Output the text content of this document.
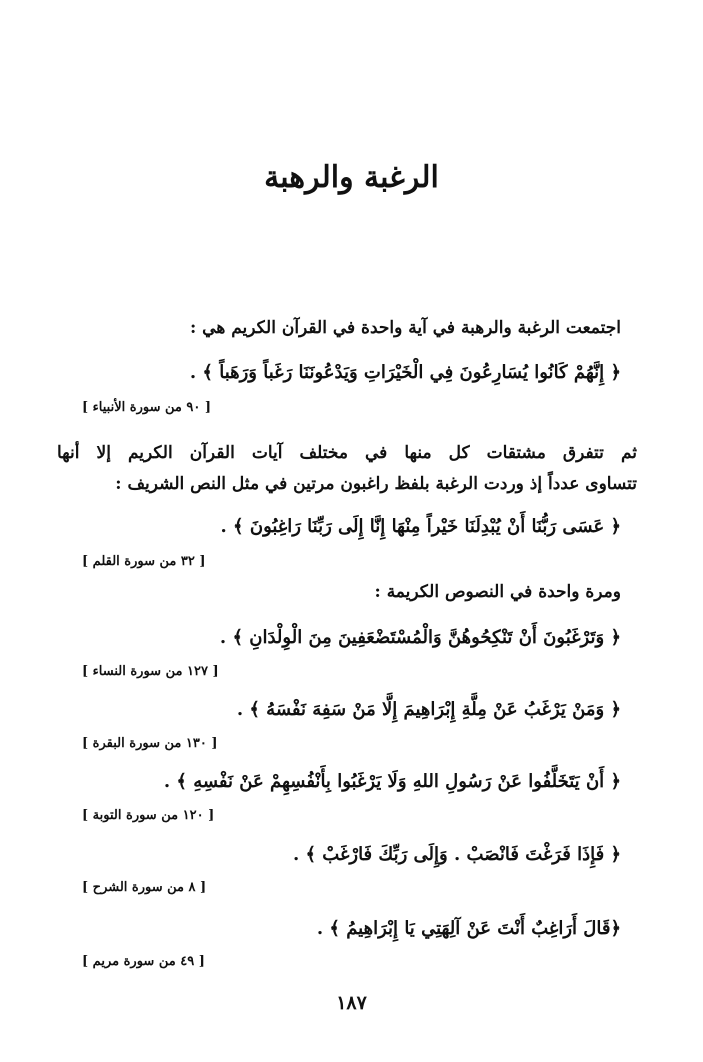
الرغبة والرهبة
اجتمعت الرغبة والرهبة في آية واحدة في القرآن الكريم هي :
﴿ إِنَّهُمْ كَانُوا يُسَارِعُونَ فِي الْخَيْرَاتِ وَيَدْعُونَنَا رَغَباً وَرَهَباً ﴾ .
[ ٩٠ من سورة الأنبياء ]
ثم تتفرق مشتقات كل منها في مختلف آيات القرآن الكريم إلا أنها
تتساوى عدداً إذ وردت الرغبة بلفظ راغبون مرتين في مثل النص الشريف :
﴿ عَسَى رَبُّنَا أَنْ يُبْدِلَنَا خَيْراً مِنْهَا إِنَّا إِلَى رَبِّنَا رَاغِبُونَ ﴾ .
[ ٣٢ من سورة القلم ]
ومرة واحدة في النصوص الكريمة :
﴿ وَتَرْغَبُونَ أَنْ تَنْكِحُوهُنَّ وَالْمُسْتَضْعَفِينَ مِنَ الْوِلْدَانِ ﴾ .
[ ١٢٧ من سورة النساء ]
﴿ وَمَنْ يَرْغَبُ عَنْ مِلَّةِ إِبْرَاهِيمَ إِلَّا مَنْ سَفِهَ نَفْسَهُ ﴾ .
[ ١٣٠ من سورة البقرة ]
﴿ أَنْ يَتَخَلَّفُوا عَنْ رَسُولِ اللهِ وَلَا يَرْغَبُوا بِأَنْفُسِهِمْ عَنْ نَفْسِهِ ﴾ .
[ ١٢٠ من سورة التوبة ]
﴿ فَإِذَا فَرَغْتَ فَانْصَبْ . وَإِلَى رَبِّكَ فَارْغَبْ ﴾ .
[ ٨ من سورة الشرح ]
﴿قَالَ أَرَاغِبٌ أَنْتَ عَنْ آلِهَتِي يَا إِبْرَاهِيمُ ﴾ .
[ ٤٩ من سورة مريم ]
١٨٧
